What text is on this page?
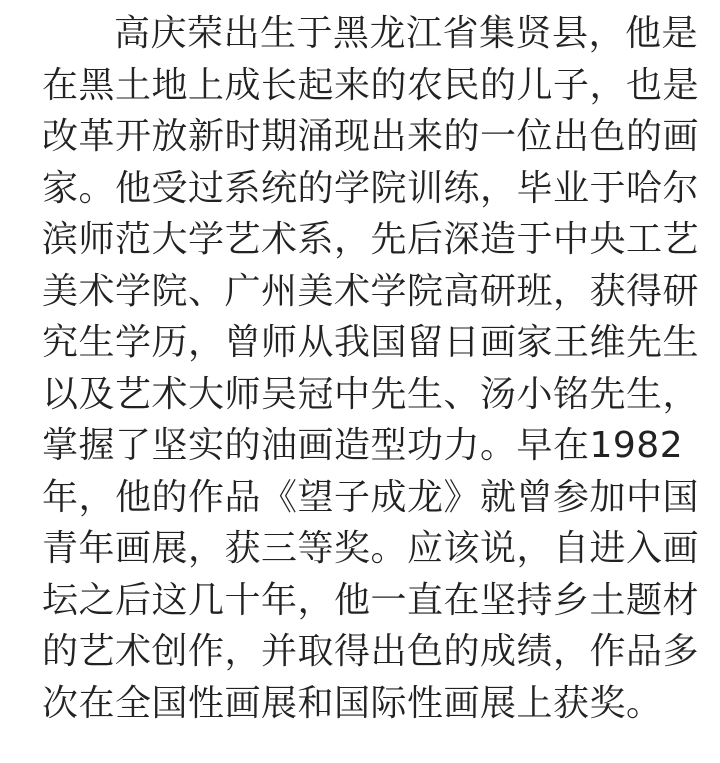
高庆荣出生于黑龙江省集贤县，他是
在黑土地上成长起来的农民的儿子，也是
改革开放新时期涌现出来的一位出色的画
家。他受过系统的学院训练，毕业于哈尔
滨师范大学艺术系，先后深造于中央工艺
美术学院、广州美术学院高研班，获得研
究生学历，曾师从我国留日画家王维先生
以及艺术大师吴冠中先生、汤小铭先生，
掌握了坚实的油画造型功力。早在1982
年，他的作品《望子成龙》就曾参加中国
青年画展，获三等奖。应该说，自进入画
坛之后这几十年，他一直在坚持乡土题材
的艺术创作，并取得出色的成绩，作品多
次在全国性画展和国际性画展上获奖。
